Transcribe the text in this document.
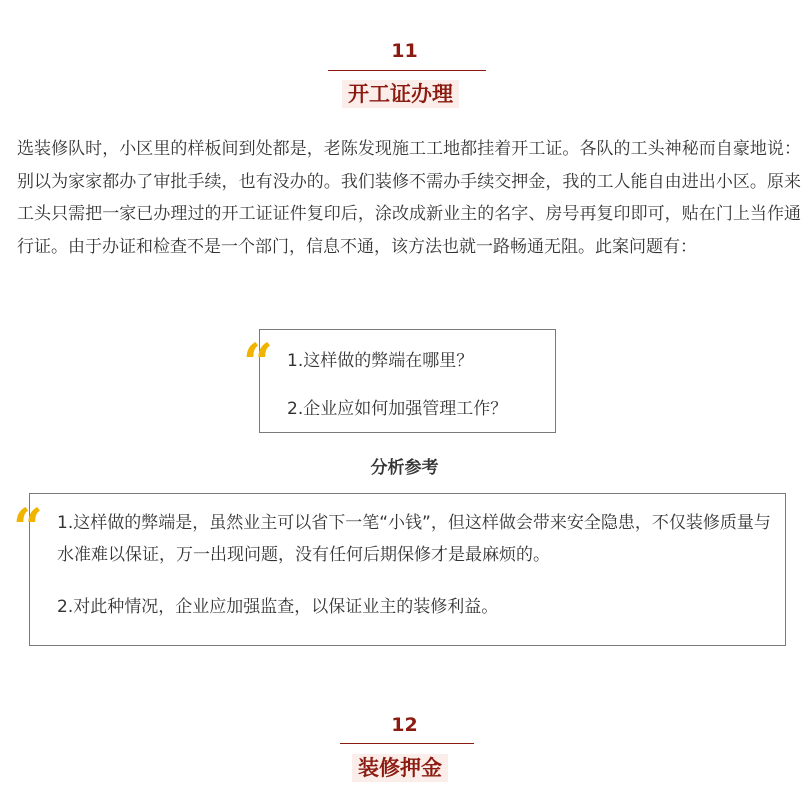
11
开工证办理

选装修队时，小区里的样板间到处都是，老陈发现施工工地都挂着开工证。各队的工头神秘而自豪地说：别以为家家都办了审批手续，也有没办的。我们装修不需办手续交押金，我的工人能自由进出小区。原来工头只需把一家已办理过的开工证证件复印后，涂改成新业主的名字、房号再复印即可，贴在门上当作通行证。由于办证和检查不是一个部门，信息不通，该方法也就一路畅通无阻。此案问题有：

“ 1.这样做的弊端在哪里？
2.企业应如何加强管理工作？
分析参考
“ 1.这样做的弊端是，虽然业主可以省下一笔“小钱”，但这样做会带来安全隐患，不仅装修质量与水准难以保证，万一出现问题，没有任何后期保修才是最麻烦的。

2.对此种情况，企业应加强监查，以保证业主的装修利益。

12
装修押金
